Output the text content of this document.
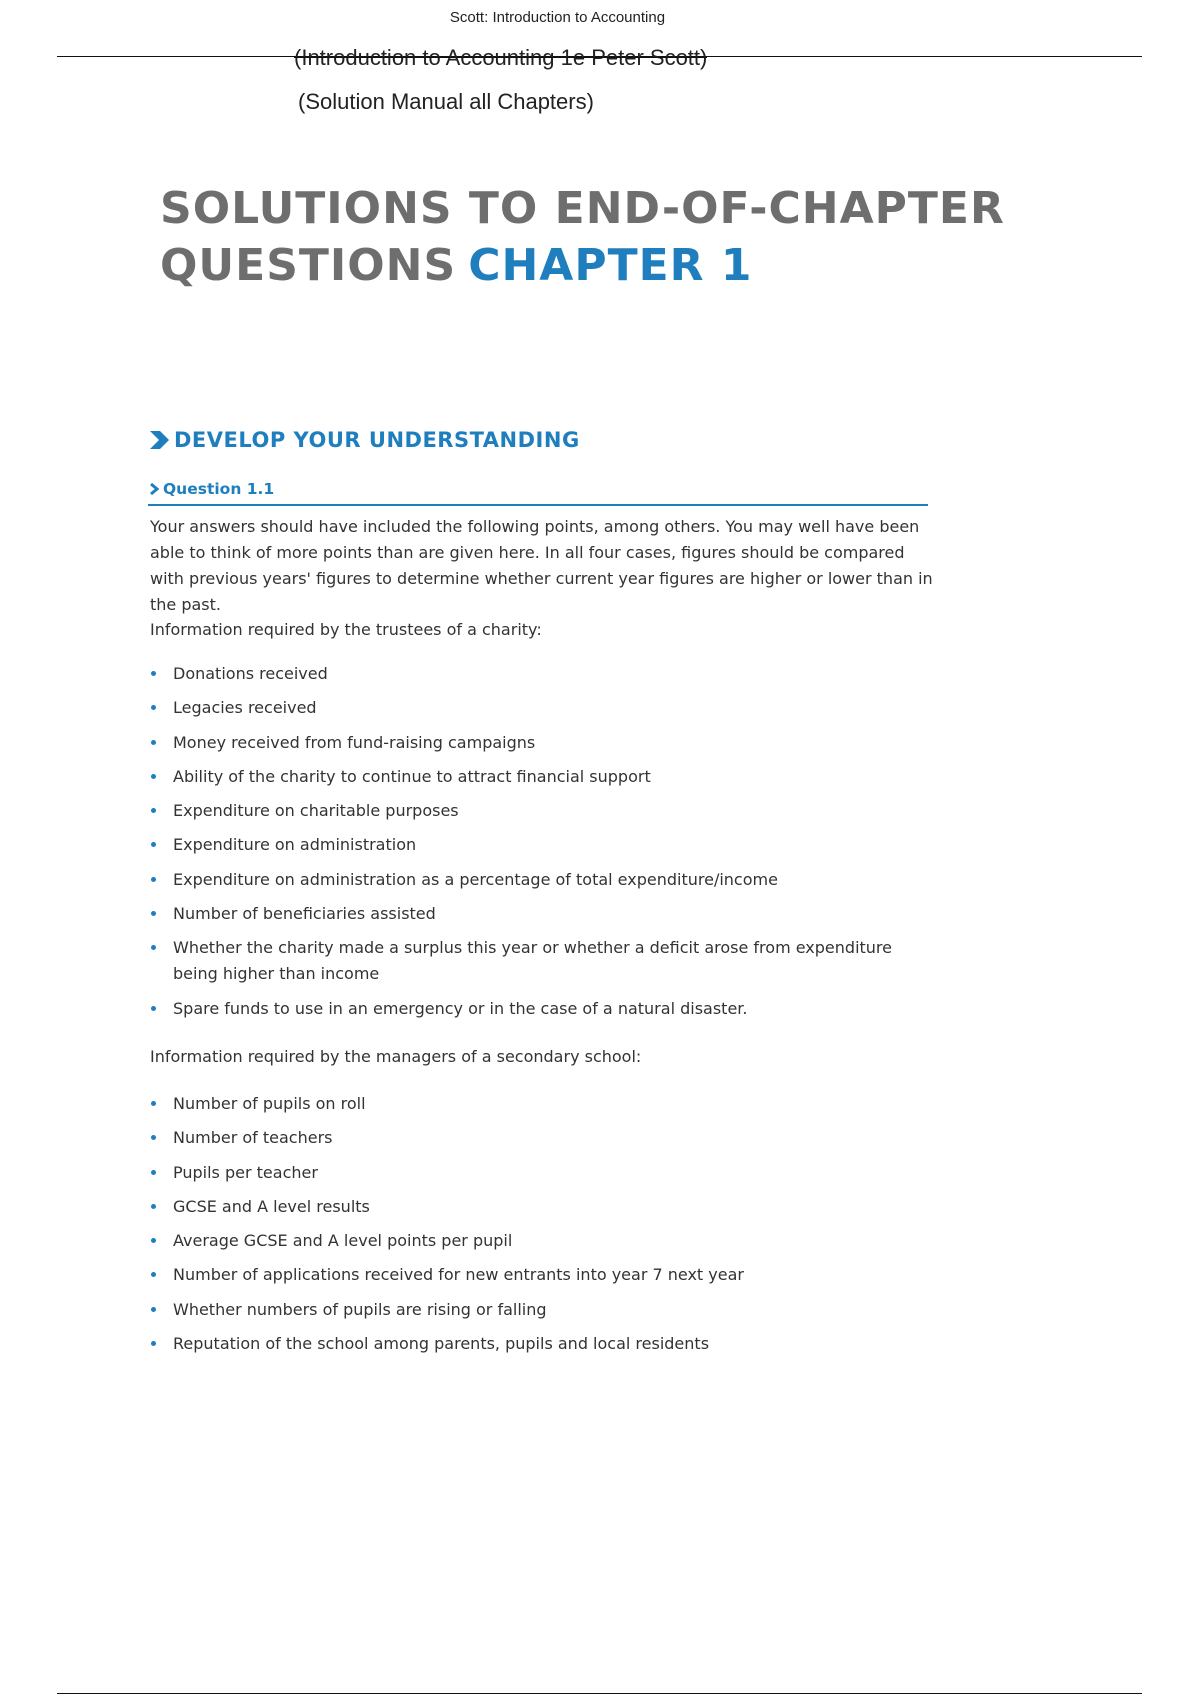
Scott: Introduction to Accounting
(Introduction to Accounting 1e Peter Scott)
(Solution Manual all Chapters)
SOLUTIONS TO END-OF-CHAPTER
QUESTIONS CHAPTER 1
DEVELOP YOUR UNDERSTANDING
Question 1.1

Your answers should have included the following points, among others. You may well have been able to think of more points than are given here. In all four cases, figures should be compared with previous years' figures to determine whether current year figures are higher or lower than in the past.

Information required by the trustees of a charity:

Donations received
Legacies received
Money received from fund-raising campaigns
Ability of the charity to continue to attract financial support
Expenditure on charitable purposes
Expenditure on administration
Expenditure on administration as a percentage of total expenditure/income
Number of beneficiaries assisted
Whether the charity made a surplus this year or whether a deficit arose from expenditure being higher than income
Spare funds to use in an emergency or in the case of a natural disaster.

Information required by the managers of a secondary school:

Number of pupils on roll
Number of teachers
Pupils per teacher
GCSE and A level results
Average GCSE and A level points per pupil
Number of applications received for new entrants into year 7 next year
Whether numbers of pupils are rising or falling
Reputation of the school among parents, pupils and local residents
